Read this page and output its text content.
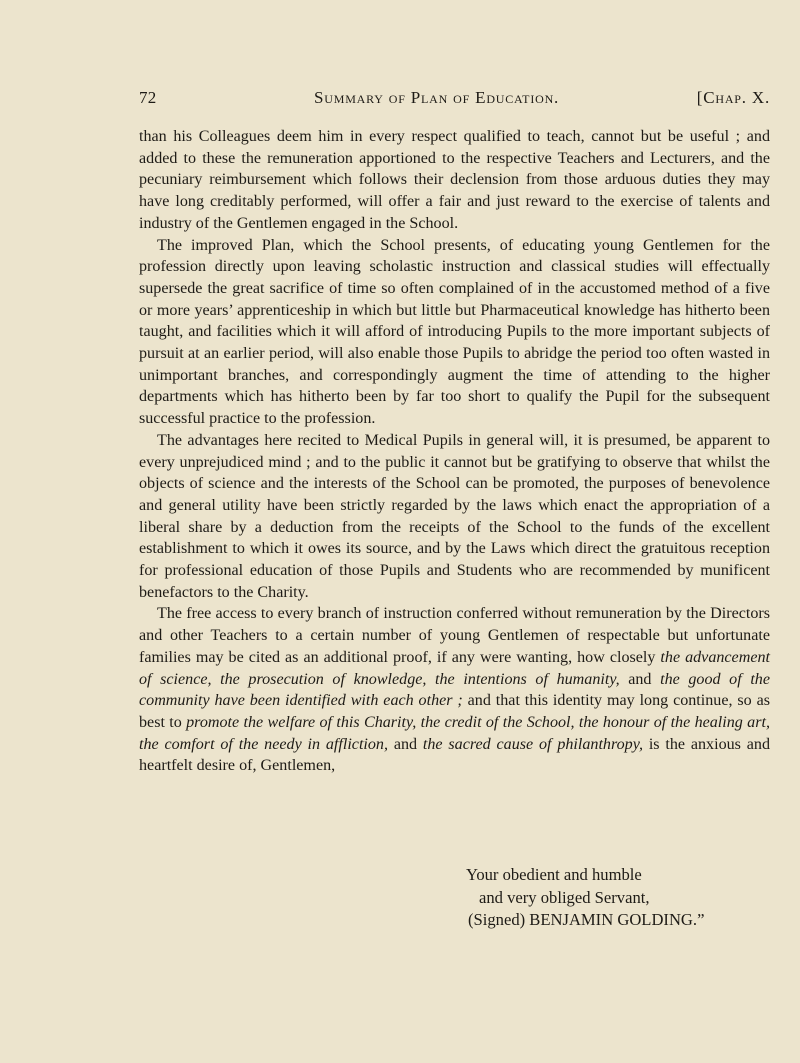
72	Summary of Plan of Education.	[Chap. X.

than his Colleagues deem him in every respect qualified to teach, cannot but be useful ; and added to these the remuneration apportioned to the respective Teachers and Lecturers, and the pecuniary reimbursement which follows their declension from those arduous duties they may have long creditably performed, will offer a fair and just reward to the exercise of talents and industry of the Gentlemen engaged in the School.

The improved Plan, which the School presents, of educating young Gentlemen for the profession directly upon leaving scholastic instruction and classical studies will effectually supersede the great sacrifice of time so often complained of in the accustomed method of a five or more years’ apprenticeship in which but little but Pharmaceutical knowledge has hitherto been taught, and facilities which it will afford of introducing Pupils to the more important subjects of pursuit at an earlier period, will also enable those Pupils to abridge the period too often wasted in unimportant branches, and correspondingly augment the time of attending to the higher departments which has hitherto been by far too short to qualify the Pupil for the subsequent successful practice to the profession.

The advantages here recited to Medical Pupils in general will, it is presumed, be apparent to every unprejudiced mind ; and to the public it cannot but be gratifying to observe that whilst the objects of science and the interests of the School can be promoted, the purposes of benevolence and general utility have been strictly regarded by the laws which enact the appropriation of a liberal share by a deduction from the receipts of the School to the funds of the excellent establishment to which it owes its source, and by the Laws which direct the gratuitous reception for professional education of those Pupils and Students who are recommended by munificent benefactors to the Charity.

The free access to every branch of instruction conferred without remuneration by the Directors and other Teachers to a certain number of young Gentlemen of respectable but unfortunate families may be cited as an additional proof, if any were wanting, how closely the advancement of science, the prosecution of knowledge, the intentions of humanity, and the good of the community have been identified with each other ; and that this identity may long continue, so as best to promote the welfare of this Charity, the credit of the School, the honour of the healing art, the comfort of the needy in affliction, and the sacred cause of philanthropy, is the anxious and heartfelt desire of, Gentlemen,

Your obedient and humble
and very obliged Servant,
(Signed) BENJAMIN GOLDING.”
